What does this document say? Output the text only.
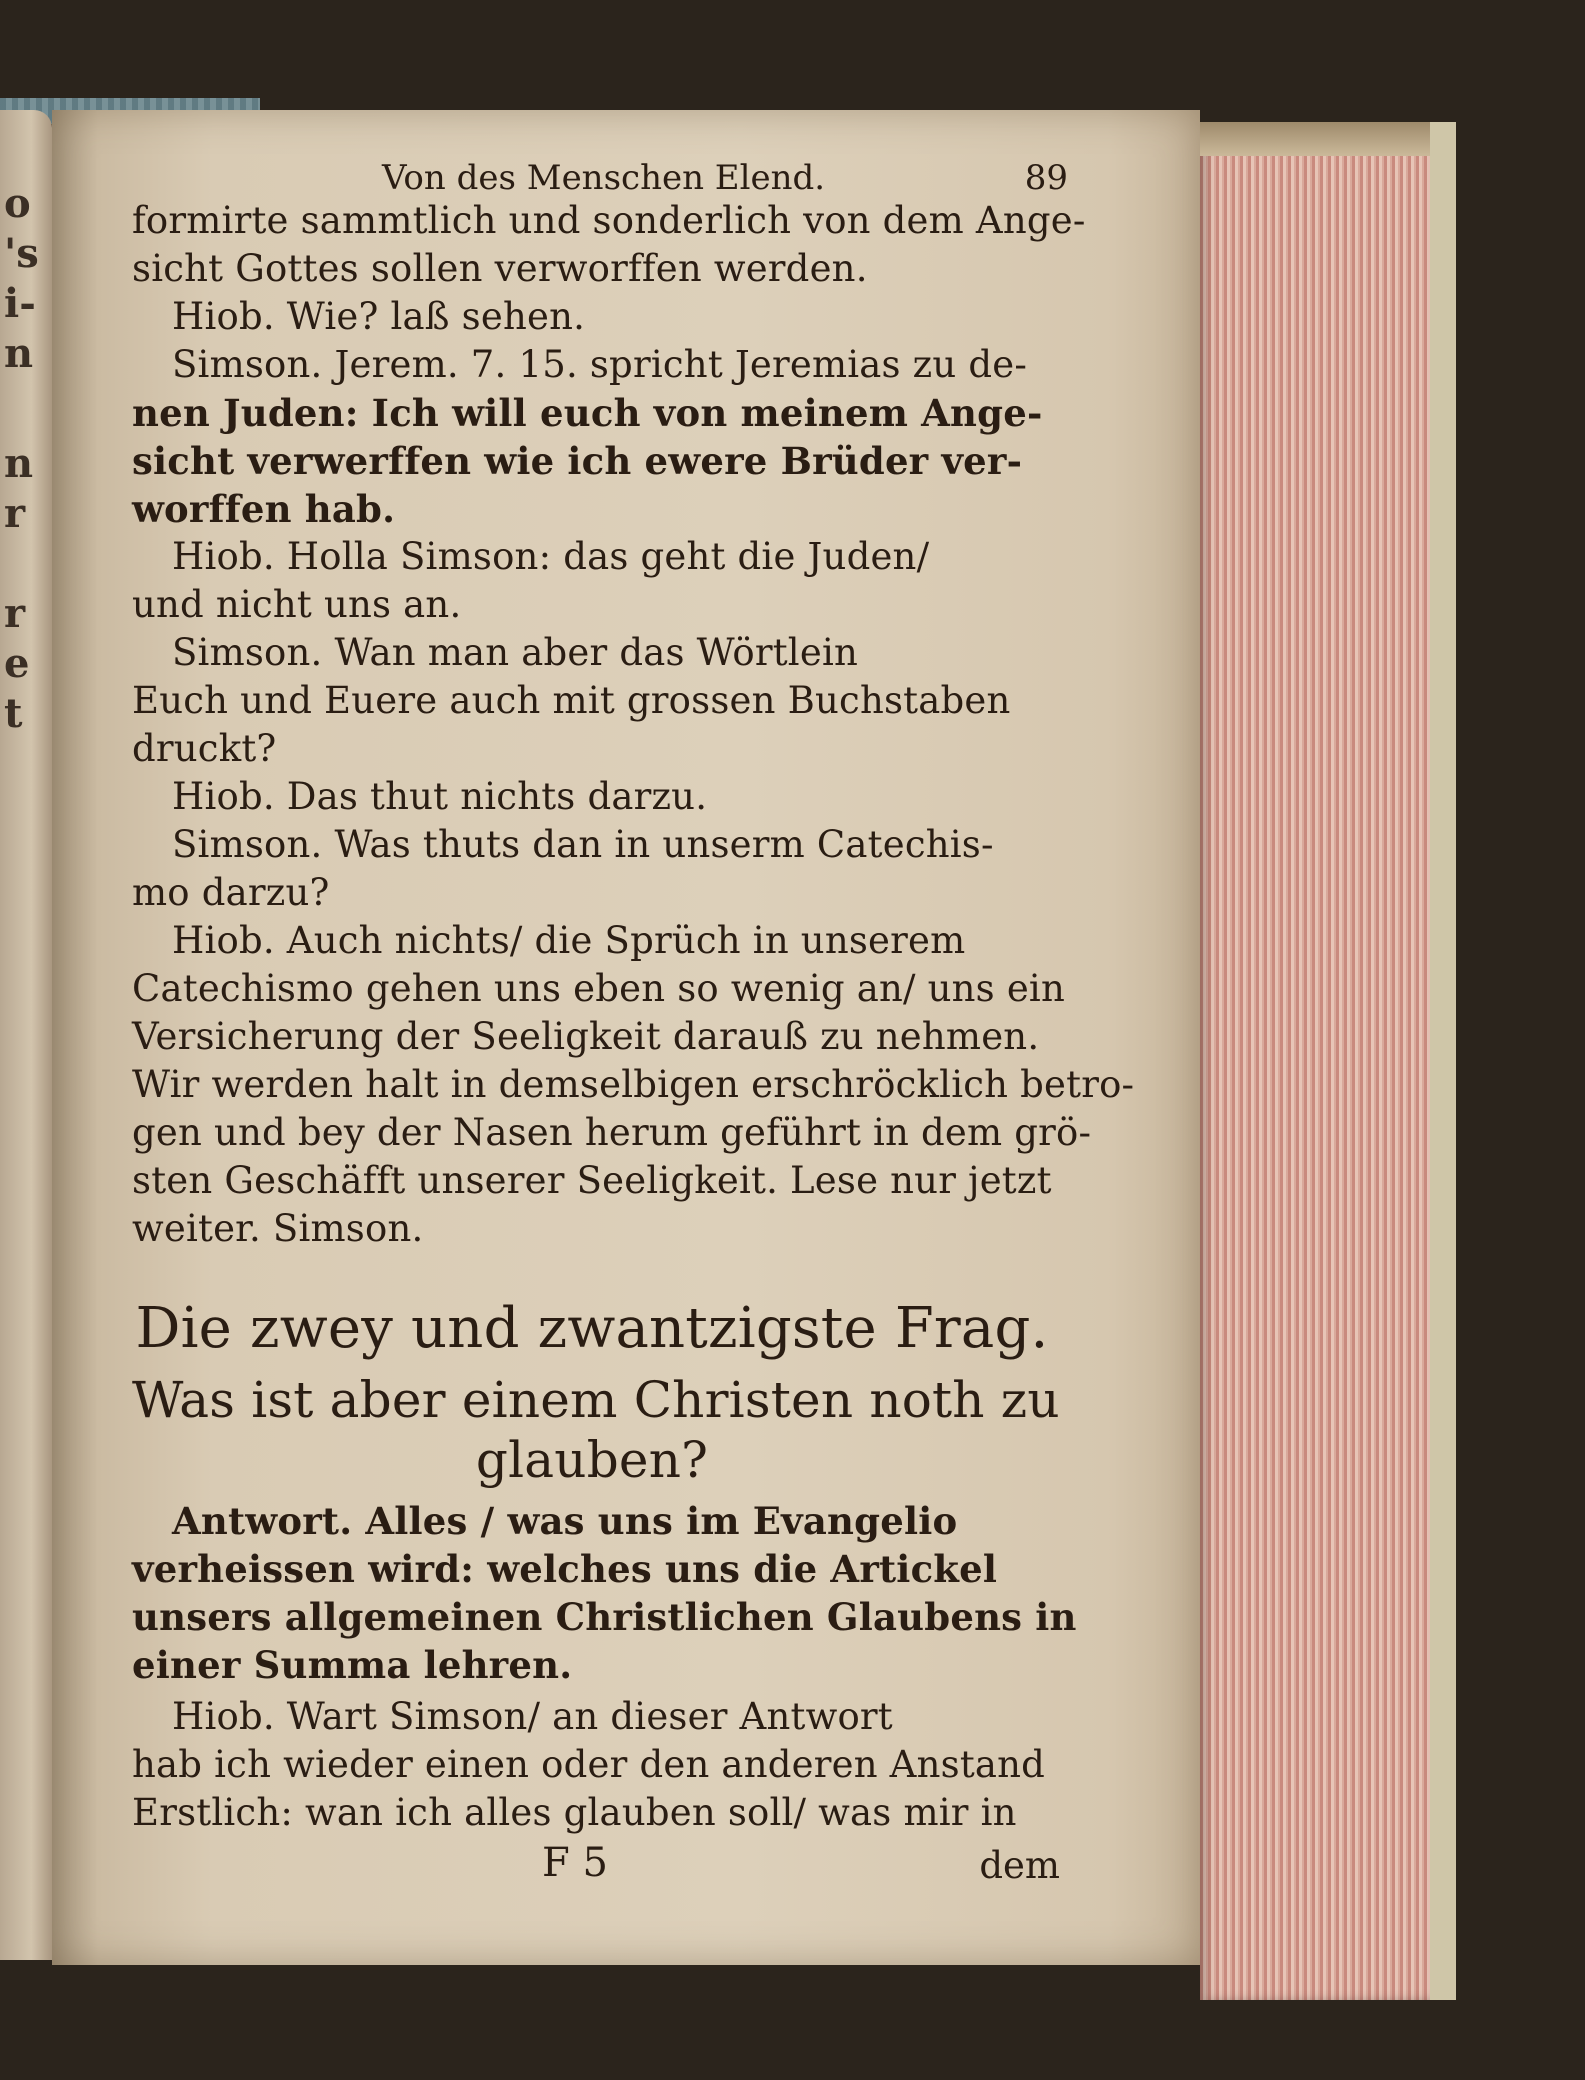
o
's
i-
n
n
r
r
e
t
Von des Menschen Elend.	89
formirte sammtlich und sonderlich von dem Ange-
sicht Gottes sollen verworffen werden.
Hiob. Wie? laß sehen.
Simson. Jerem. 7. 15. spricht Jeremias zu de-
nen Juden: Ich will euch von meinem Ange-
sicht verwerffen wie ich ewere Brüder ver-
worffen hab.
Hiob. Holla Simson: das geht die Juden/
und nicht uns an.
Simson. Wan man aber das Wörtlein
Euch und Euere auch mit grossen Buchstaben
druckt?
Hiob. Das thut nichts darzu.
Simson. Was thuts dan in unserm Catechis-
mo darzu?
Hiob. Auch nichts/ die Sprüch in unserem
Catechismo gehen uns eben so wenig an/ uns ein
Versicherung der Seeligkeit darauß zu nehmen.
Wir werden halt in demselbigen erschröcklich betro-
gen und bey der Nasen herum geführt in dem grö-
sten Geschäfft unserer Seeligkeit. Lese nur jetzt
weiter. Simson.
Die zwey und zwantzigste Frag.
Was ist aber einem Christen noth zu
glauben?
Antwort. Alles / was uns im Evangelio
verheissen wird: welches uns die Artickel
unsers allgemeinen Christlichen Glaubens in
einer Summa lehren.
Hiob. Wart Simson/ an dieser Antwort
hab ich wieder einen oder den anderen Anstand
Erstlich: wan ich alles glauben soll/ was mir in
F 5	dem
